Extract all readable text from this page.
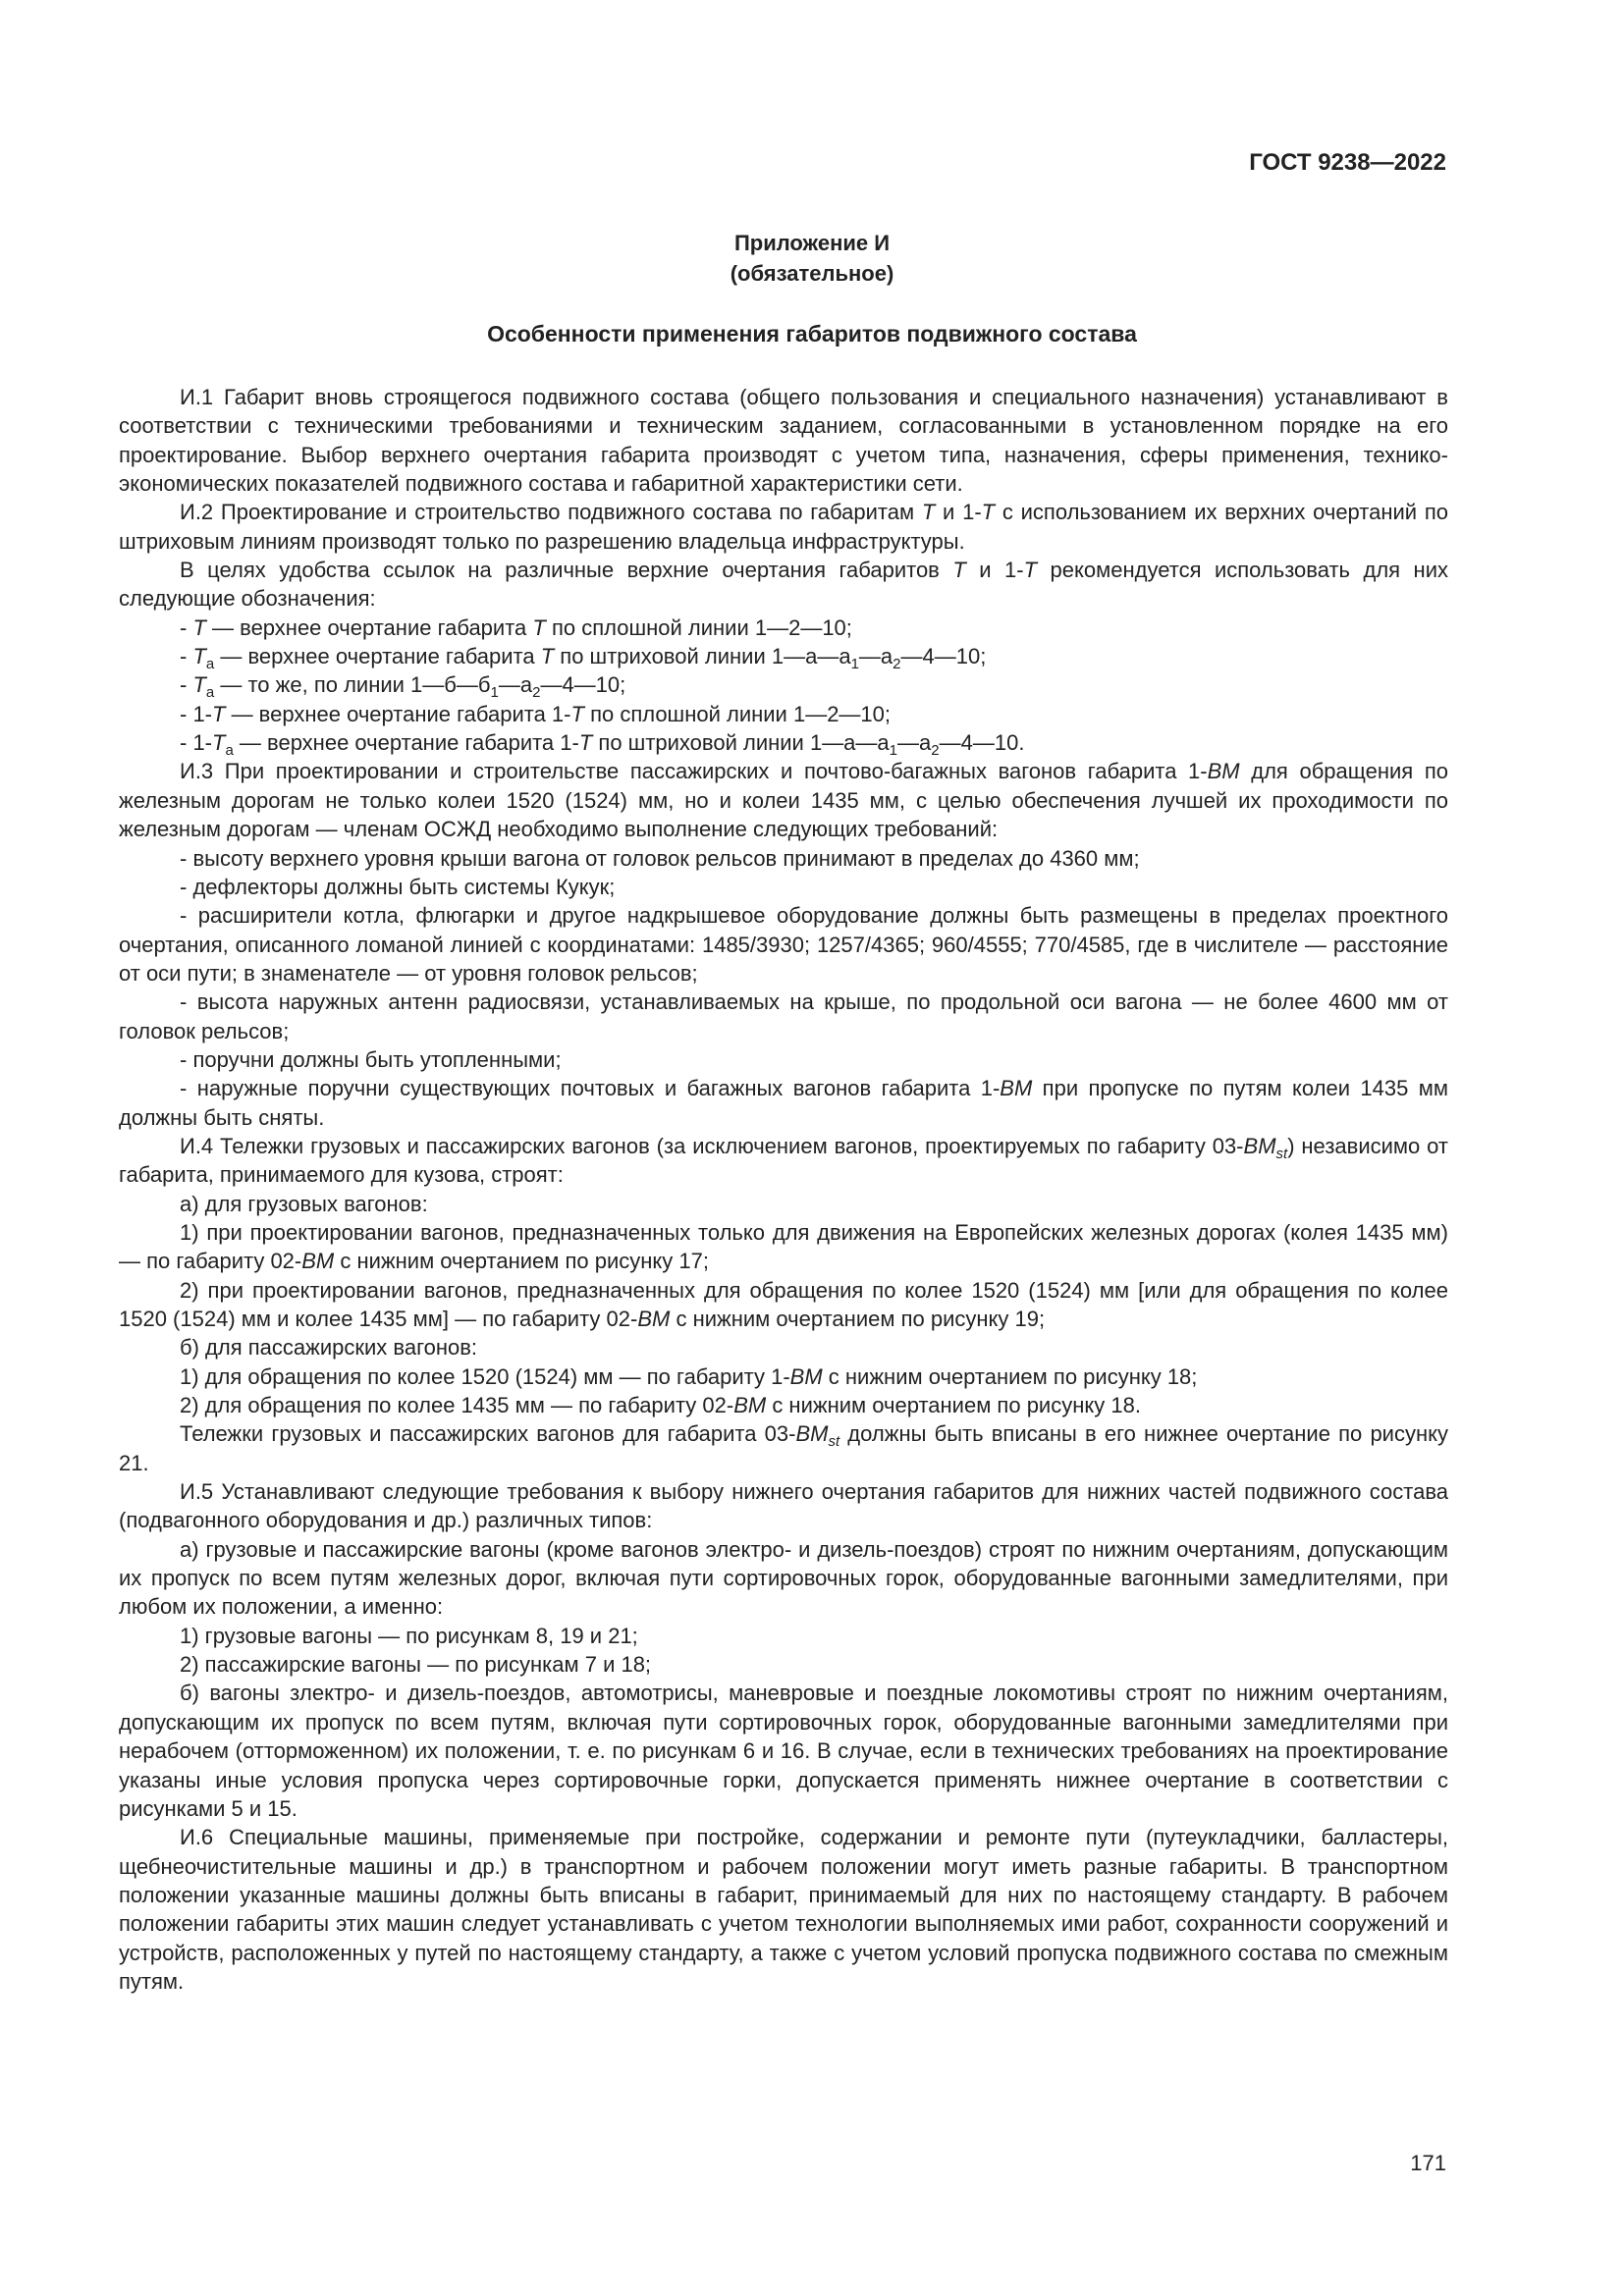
ГОСТ 9238—2022
Приложение И
(обязательное)
Особенности применения габаритов подвижного состава

И.1 Габарит вновь строящегося подвижного состава (общего пользования и специального назначения) устанавливают в соответствии с техническими требованиями и техническим заданием, согласованными в установленном порядке на его проектирование. Выбор верхнего очертания габарита производят с учетом типа, назначения, сферы применения, технико-экономических показателей подвижного состава и габаритной характеристики сети.

И.2 Проектирование и строительство подвижного состава по габаритам Т и 1-Т с использованием их верхних очертаний по штриховым линиям производят только по разрешению владельца инфраструктуры.

В целях удобства ссылок на различные верхние очертания габаритов Т и 1-Т рекомендуется использовать для них следующие обозначения:

- Т — верхнее очертание габарита Т по сплошной линии 1—2—10;

- $Т_а$ — верхнее очертание габарита Т по штриховой линии $1—а—а_1—а_2—4—10$;

- $Т_а$ — то же, по линии $1—б—б_1—а_2—4—10$;

- 1-Т — верхнее очертание габарита 1-Т по сплошной линии 1—2—10;

- $1-Т_а$ — верхнее очертание габарита 1-Т по штриховой линии $1—а—а_1—а_2—4—10$.

И.3 При проектировании и строительстве пассажирских и почтово-багажных вагонов габарита 1-ВМ для обращения по железным дорогам не только колеи 1520 (1524) мм, но и колеи 1435 мм, с целью обеспечения лучшей их проходимости по железным дорогам — членам ОСЖД необходимо выполнение следующих требований:

- высоту верхнего уровня крыши вагона от головок рельсов принимают в пределах до 4360 мм;

- дефлекторы должны быть системы Кукук;

- расширители котла, флюгарки и другое надкрышевое оборудование должны быть размещены в пределах проектного очертания, описанного ломаной линией с координатами: 1485/3930; 1257/4365; 960/4555; 770/4585, где в числителе — расстояние от оси пути; в знаменателе — от уровня головок рельсов;

- высота наружных антенн радиосвязи, устанавливаемых на крыше, по продольной оси вагона — не более 4600 мм от головок рельсов;

- поручни должны быть утопленными;

- наружные поручни существующих почтовых и багажных вагонов габарита 1-ВМ при пропуске по путям колеи 1435 мм должны быть сняты.

И.4 Тележки грузовых и пассажирских вагонов (за исключением вагонов, проектируемых по габариту $03-ВМ_{st}$) независимо от габарита, принимаемого для кузова, строят:

а) для грузовых вагонов:

1) при проектировании вагонов, предназначенных только для движения на Европейских железных дорогах (колея 1435 мм) — по габариту 02-ВМ с нижним очертанием по рисунку 17;

2) при проектировании вагонов, предназначенных для обращения по колее 1520 (1524) мм [или для обращения по колее 1520 (1524) мм и колее 1435 мм] — по габариту 02-ВМ с нижним очертанием по рисунку 19;

б) для пассажирских вагонов:

1) для обращения по колее 1520 (1524) мм — по габариту 1-ВМ с нижним очертанием по рисунку 18;

2) для обращения по колее 1435 мм — по габариту 02-ВМ с нижним очертанием по рисунку 18.

Тележки грузовых и пассажирских вагонов для габарита $03-ВМ_{st}$ должны быть вписаны в его нижнее очертание по рисунку 21.

И.5 Устанавливают следующие требования к выбору нижнего очертания габаритов для нижних частей подвижного состава (подвагонного оборудования и др.) различных типов:

а) грузовые и пассажирские вагоны (кроме вагонов электро- и дизель-поездов) строят по нижним очертаниям, допускающим их пропуск по всем путям железных дорог, включая пути сортировочных горок, оборудованные вагонными замедлителями, при любом их положении, а именно:

1) грузовые вагоны — по рисункам 8, 19 и 21;

2) пассажирские вагоны — по рисункам 7 и 18;

б) вагоны злектро- и дизель-поездов, автомотрисы, маневровые и поездные локомотивы строят по нижним очертаниям, допускающим их пропуск по всем путям, включая пути сортировочных горок, оборудованные вагонными замедлителями при нерабочем (отторможенном) их положении, т. е. по рисункам 6 и 16. В случае, если в технических требованиях на проектирование указаны иные условия пропуска через сортировочные горки, допускается применять нижнее очертание в соответствии с рисунками 5 и 15.

И.6 Специальные машины, применяемые при постройке, содержании и ремонте пути (путеукладчики, балластеры, щебнеочистительные машины и др.) в транспортном и рабочем положении могут иметь разные габариты. В транспортном положении указанные машины должны быть вписаны в габарит, принимаемый для них по настоящему стандарту. В рабочем положении габариты этих машин следует устанавливать с учетом технологии выполняемых ими работ, сохранности сооружений и устройств, расположенных у путей по настоящему стандарту, а также с учетом условий пропуска подвижного состава по смежным путям.

171
